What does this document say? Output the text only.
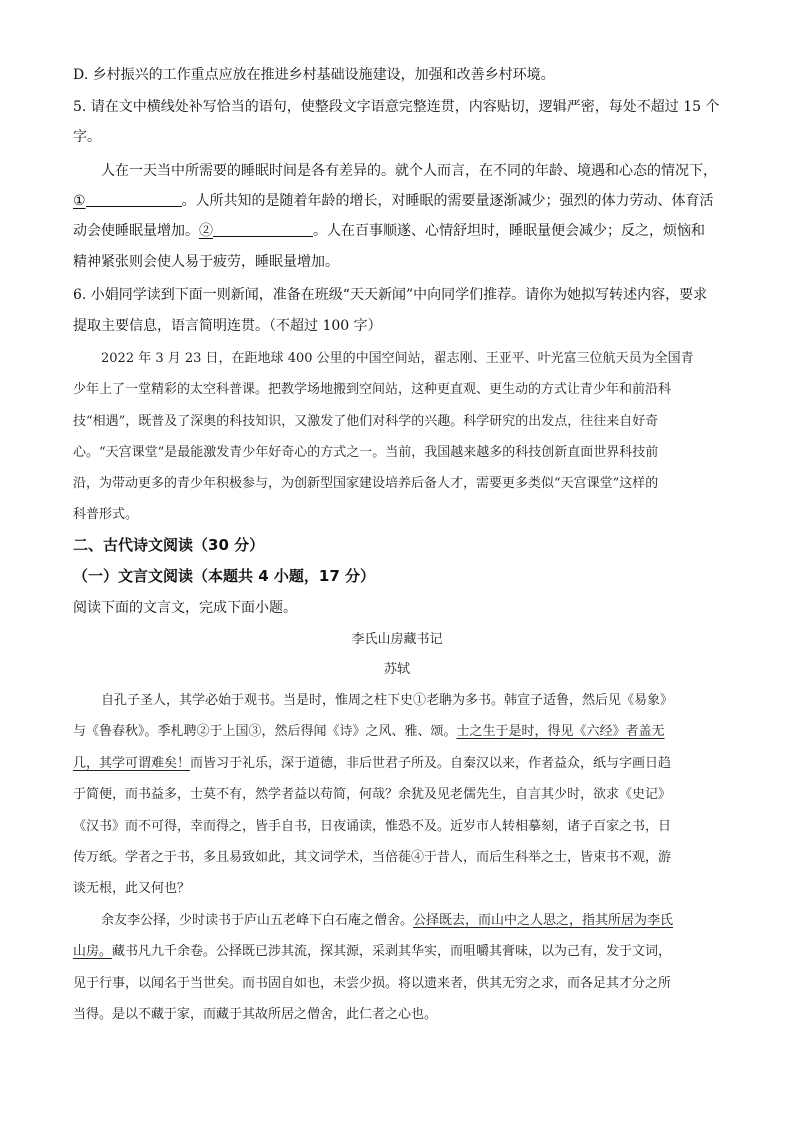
D. 乡村振兴的工作重点应放在推进乡村基础设施建设，加强和改善乡村环境。
5. 请在文中横线处补写恰当的语句，使整段文字语意完整连贯，内容贴切，逻辑严密，每处不超过 15 个
字。
人在一天当中所需要的睡眠时间是各有差异的。就个人而言，在不同的年龄、境遇和心态的情况下，
①	。人所共知的是随着年龄的增长，对睡眠的需要量逐渐减少；强烈的体力劳动、体育活
动会使睡眠量增加。②	。人在百事顺遂、心情舒坦时，睡眠量便会减少；反之，烦恼和
精神紧张则会使人易于疲劳，睡眠量增加。
6. 小娟同学读到下面一则新闻，准备在班级“天天新闻”中向同学们推荐。请你为她拟写转述内容，要求
提取主要信息，语言简明连贯。（不超过 100 字）
2022 年 3 月 23 日，在距地球 400 公里的中国空间站，翟志刚、王亚平、叶光富三位航天员为全国青
少年上了一堂精彩的太空科普课。把教学场地搬到空间站，这种更直观、更生动的方式让青少年和前沿科
技“相遇”，既普及了深奥的科技知识，又激发了他们对科学的兴趣。科学研究的出发点，往往来自好奇
心。“天宫课堂”是最能激发青少年好奇心的方式之一。当前，我国越来越多的科技创新直面世界科技前
沿，为带动更多的青少年积极参与，为创新型国家建设培养后备人才，需要更多类似“天宫课堂”这样的
科普形式。
二、古代诗文阅读（30 分）
（一）文言文阅读（本题共 4 小题，17 分）
阅读下面的文言文，完成下面小题。
李氏山房藏书记
苏轼
自孔子圣人，其学必始于观书。当是时，惟周之柱下史①老聃为多书。韩宣子适鲁，然后见《易象》
与《鲁春秋》。季札聘②于上国③，然后得闻《诗》之风、雅、颂。士之生于是时，得见《六经》者盖无
几，其学可谓难矣！而皆习于礼乐，深于道德，非后世君子所及。自秦汉以来，作者益众，纸与字画日趋
于简便，而书益多，士莫不有，然学者益以苟简，何哉？余犹及见老儒先生，自言其少时，欲求《史记》
《汉书》而不可得，幸而得之，皆手自书，日夜诵读，惟恐不及。近岁市人转相摹刻，诸子百家之书，日
传万纸。学者之于书，多且易致如此，其文词学术，当倍蓰④于昔人，而后生科举之士，皆束书不观，游
谈无根，此又何也？
余友李公择，少时读书于庐山五老峰下白石庵之僧舍。公择既去，而山中之人思之，指其所居为李氏
山房。藏书凡九千余卷。公择既已涉其流，探其源，采剥其华实，而咀嚼其膏味，以为己有，发于文词，
见于行事，以闻名于当世矣。而书固自如也，未尝少损。将以遗来者，供其无穷之求，而各足其才分之所
当得。是以不藏于家，而藏于其故所居之僧舍，此仁者之心也。
